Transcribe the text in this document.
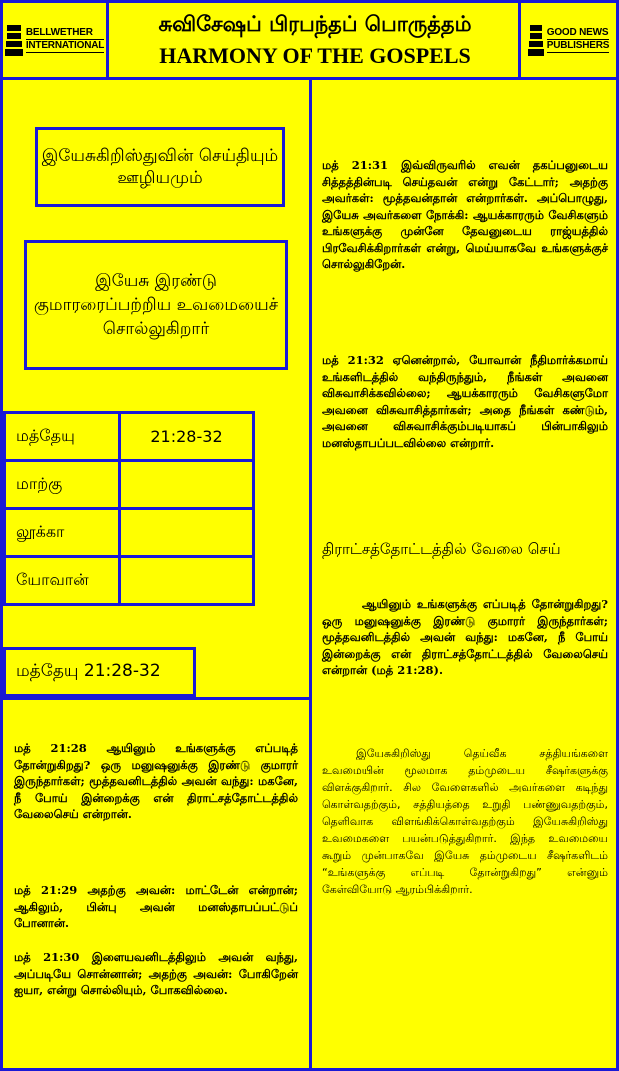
BELLWETHER
INTERNATIONAL
சுவிசேஷப் பிரபந்தப் பொருத்தம்
HARMONY OF THE GOSPELS
GOOD NEWS
PUBLISHERS
இயேசுகிறிஸ்துவின் செய்தியும் ஊழியமும்
இயேசு இரண்டு குமாரரைப்பற்றிய உவமையைச் சொல்லுகிறார்
மத்தேயு	21:28-32
மாற்கு	
லூக்கா	
யோவான்	
மத்தேயு 21:28-32

மத் 21:28 ஆயினும் உங்களுக்கு எப்படித் தோன்றுகிறது? ஒரு மனுஷனுக்கு இரண்டு குமாரர் இருந்தார்கள்; மூத்தவனிடத்தில் அவன் வந்து: மகனே, நீ போய் இன்றைக்கு என் திராட்சத்தோட்டத்தில் வேலைசெய் என்றான்.

மத் 21:29 அதற்கு அவன்: மாட்டேன் என்றான்; ஆகிலும், பின்பு அவன் மனஸ்தாபப்பட்டுப் போனான்.

மத் 21:30 இளையவனிடத்திலும் அவன் வந்து, அப்படியே சொன்னான்; அதற்கு அவன்: போகிறேன் ஐயா, என்று சொல்லியும், போகவில்லை.

மத் 21:31 இவ்விருவரில் எவன் தகப்பனுடைய சித்தத்தின்படி செய்தவன் என்று கேட்டார்; அதற்கு அவர்கள்: மூத்தவன்தான் என்றார்கள். அப்பொழுது, இயேசு அவர்களை நோக்கி: ஆயக்காரரும் வேசிகளும் உங்களுக்கு முன்னே தேவனுடைய ராஜ்யத்தில் பிரவேசிக்கிறார்கள் என்று, மெய்யாகவே உங்களுக்குச் சொல்லுகிறேன்.

மத் 21:32 ஏனென்றால், யோவான் நீதிமார்க்கமாய் உங்களிடத்தில் வந்திருந்தும், நீங்கள் அவனை விசுவாசிக்கவில்லை; ஆயக்காரரும் வேசிகளுமோ அவனை விசுவாசித்தார்கள்; அதை நீங்கள் கண்டும், அவனை விசுவாசிக்கும்படியாகப் பின்பாகிலும் மனஸ்தாபப்படவில்லை என்றார்.

திராட்சத்தோட்டத்தில் வேலை செய்

ஆயினும் உங்களுக்கு எப்படித் தோன்றுகிறது? ஒரு மனுஷனுக்கு இரண்டு குமாரர் இருந்தார்கள்; மூத்தவனிடத்தில் அவன் வந்து: மகனே, நீ போய் இன்றைக்கு என் திராட்சத்தோட்டத்தில் வேலைசெய் என்றான் (மத் 21:28).

இயேசுகிறிஸ்து தெய்வீக சத்தியங்களை உவமையின் மூலமாக தம்முடைய சீஷர்களுக்கு விளக்குகிறார். சில வேளைகளில் அவர்களை கடிந்து கொள்வதற்கும், சத்தியத்தை உறுதி பண்ணுவதற்கும், தெளிவாக விளங்கிக்கொள்வதற்கும் இயேசுகிறிஸ்து உவமைகளை பயன்படுத்துகிறார். இந்த உவமையை கூறும் முன்பாகவே இயேசு தம்முடைய சீஷர்களிடம் “உங்களுக்கு எப்படி தோன்றுகிறது” என்னும் கேள்வியோடு ஆரம்பிக்கிறார்.
